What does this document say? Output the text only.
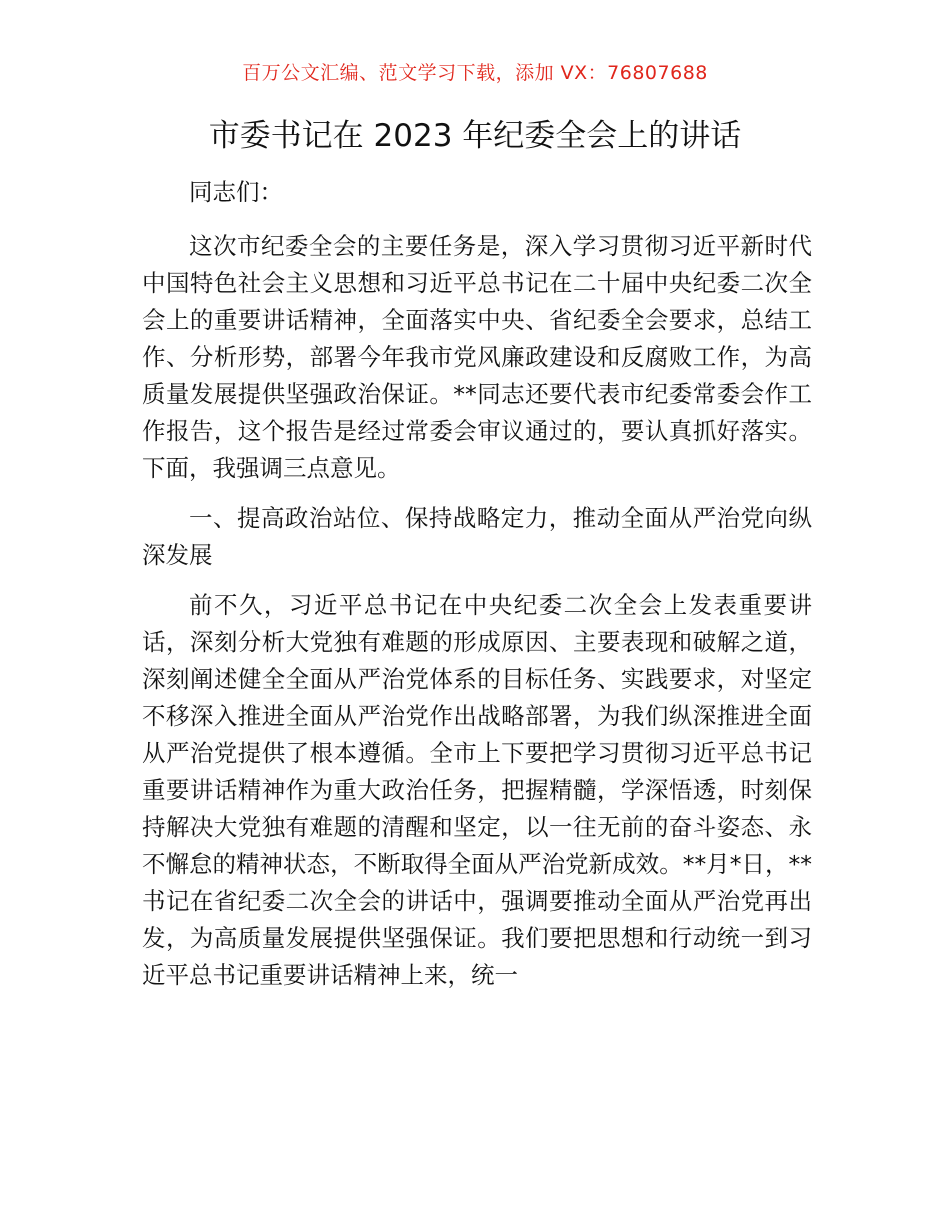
百万公文汇编、范文学习下载，添加 VX：76807688
市委书记在 2023 年纪委全会上的讲话

同志们：

这次市纪委全会的主要任务是，深入学习贯彻习近平新时代中国特色社会主义思想和习近平总书记在二十届中央纪委二次全会上的重要讲话精神，全面落实中央、省纪委全会要求，总结工作、分析形势，部署今年我市党风廉政建设和反腐败工作，为高质量发展提供坚强政治保证。**同志还要代表市纪委常委会作工作报告，这个报告是经过常委会审议通过的，要认真抓好落实。下面，我强调三点意见。

一、提高政治站位、保持战略定力，推动全面从严治党向纵深发展

前不久，习近平总书记在中央纪委二次全会上发表重要讲话，深刻分析大党独有难题的形成原因、主要表现和破解之道，深刻阐述健全全面从严治党体系的目标任务、实践要求，对坚定不移深入推进全面从严治党作出战略部署，为我们纵深推进全面从严治党提供了根本遵循。全市上下要把学习贯彻习近平总书记重要讲话精神作为重大政治任务，把握精髓，学深悟透，时刻保持解决大党独有难题的清醒和坚定，以一往无前的奋斗姿态、永不懈怠的精神状态，不断取得全面从严治党新成效。**月*日，**书记在省纪委二次全会的讲话中，强调要推动全面从严治党再出发，为高质量发展提供坚强保证。我们要把思想和行动统一到习近平总书记重要讲话精神上来，统一
